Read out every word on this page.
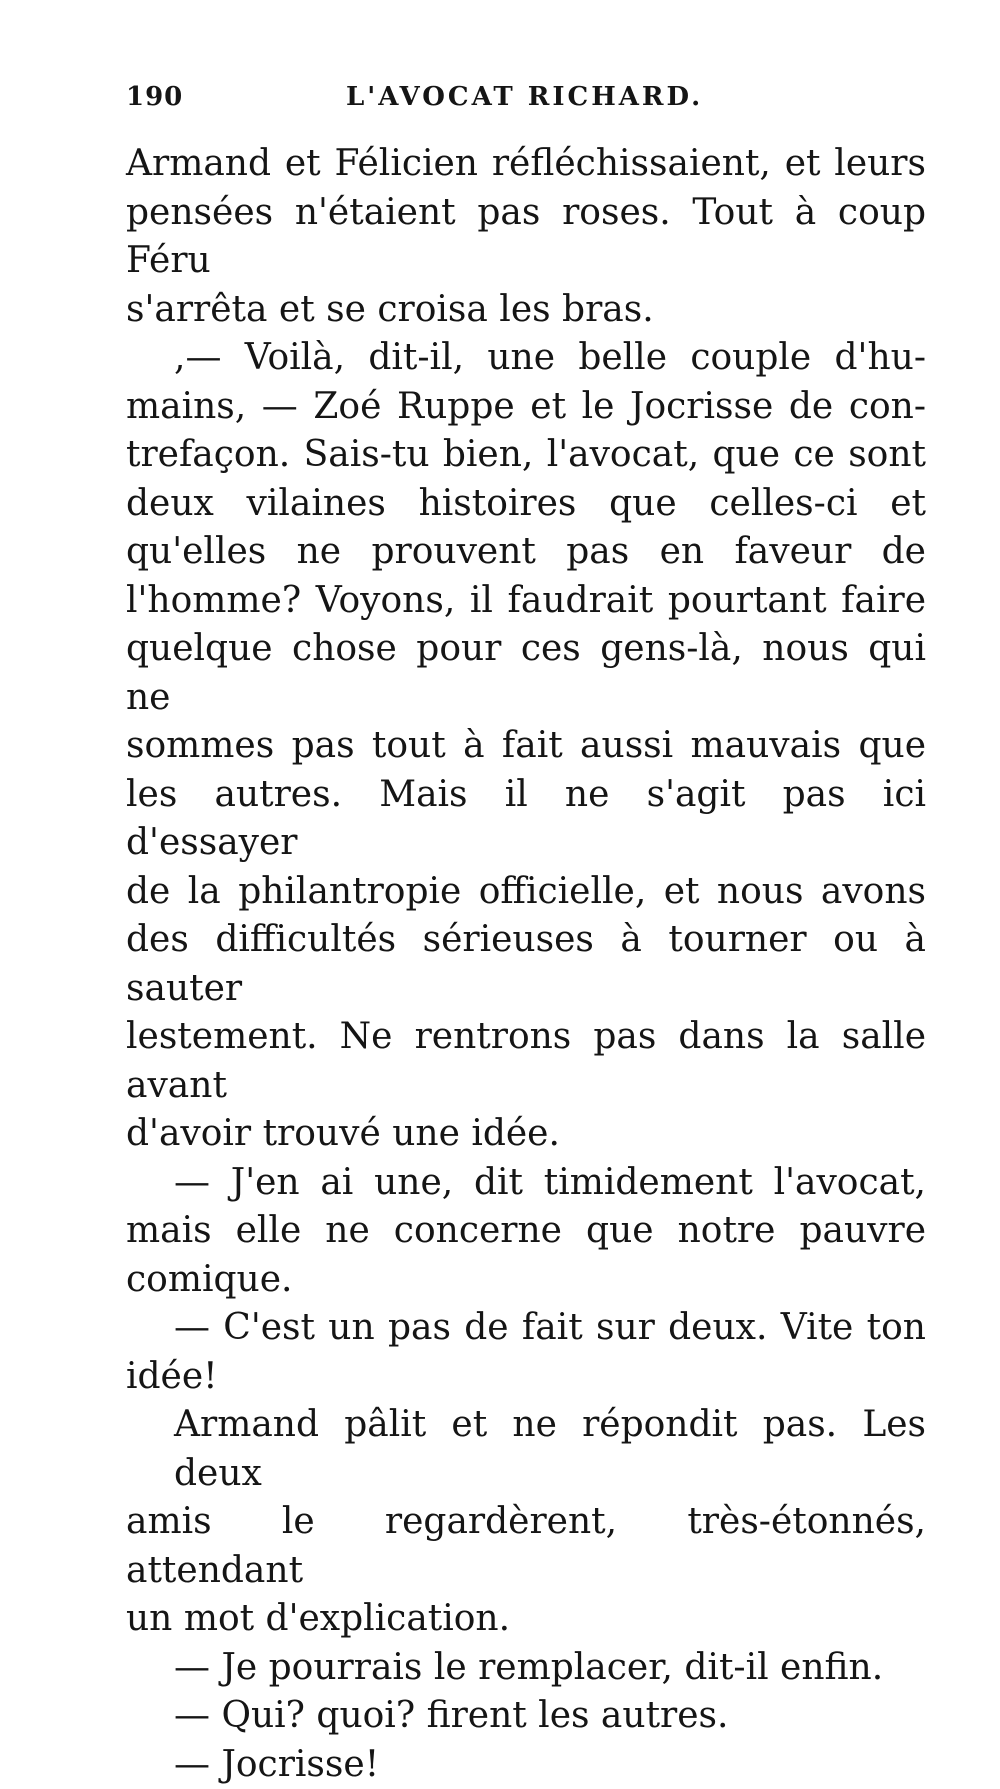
190	L'AVOCAT RICHARD.
Armand et Félicien réfléchissaient, et leurs
pensées n'étaient pas roses. Tout à coup Féru
s'arrêta et se croisa les bras.
,— Voilà, dit-il, une belle couple d'hu-
mains, — Zoé Ruppe et le Jocrisse de con-
trefaçon. Sais-tu bien, l'avocat, que ce sont
deux vilaines histoires que celles-ci et
qu'elles ne prouvent pas en faveur de
l'homme? Voyons, il faudrait pourtant faire
quelque chose pour ces gens-là, nous qui ne
sommes pas tout à fait aussi mauvais que
les autres. Mais il ne s'agit pas ici d'essayer
de la philantropie officielle, et nous avons
des difficultés sérieuses à tourner ou à sauter
lestement. Ne rentrons pas dans la salle avant
d'avoir trouvé une idée.
— J'en ai une, dit timidement l'avocat,
mais elle ne concerne que notre pauvre
comique.
— C'est un pas de fait sur deux. Vite ton
idée!
Armand pâlit et ne répondit pas. Les deux
amis le regardèrent, très-étonnés, attendant
un mot d'explication.
— Je pourrais le remplacer, dit-il enfin.
— Qui? quoi? firent les autres.
— Jocrisse!
